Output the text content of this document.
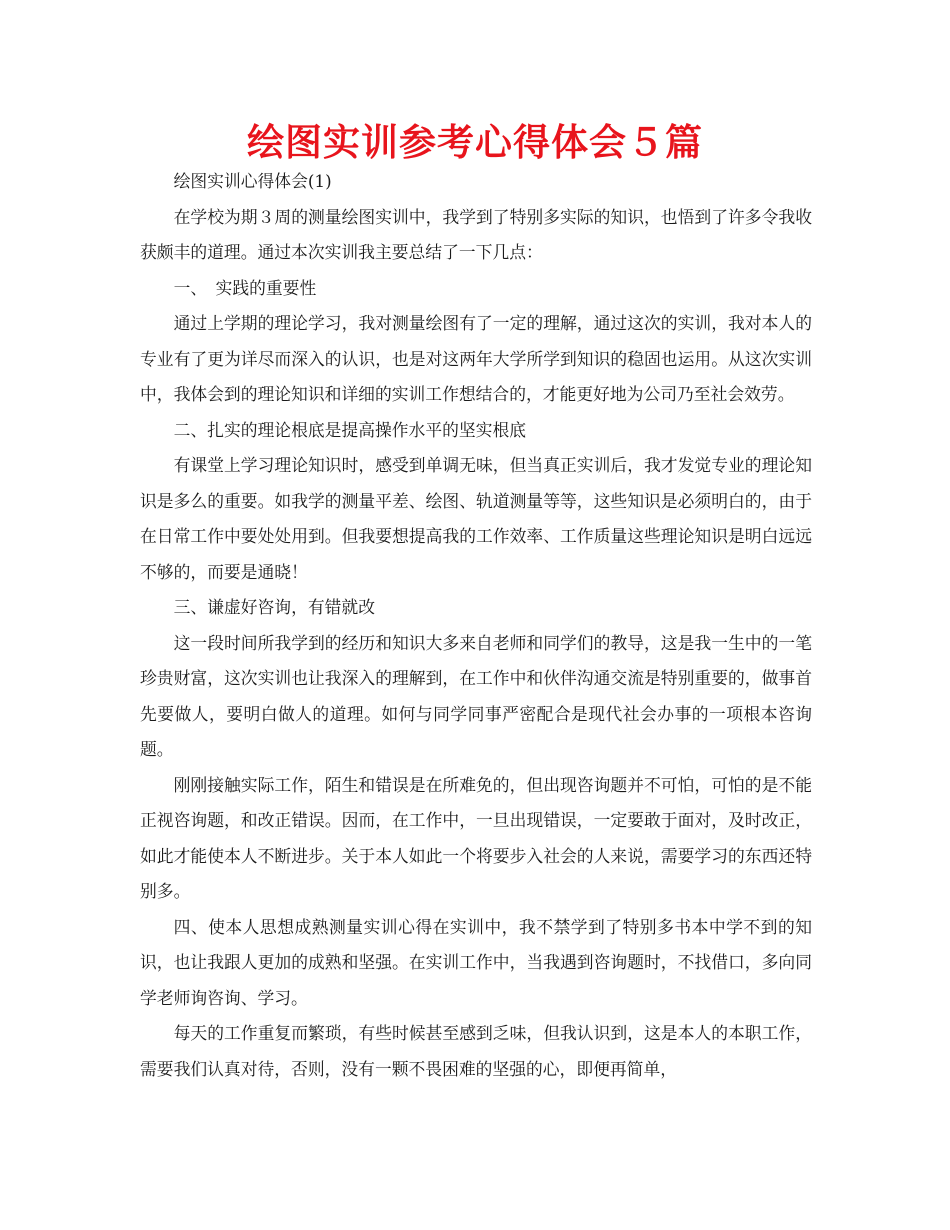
绘图实训参考心得体会５篇

绘图实训心得体会(1)

在学校为期３周的测量绘图实训中，我学到了特别多实际的知识，也悟到了许多令我收获颇丰的道理。通过本次实训我主要总结了一下几点：

一、　实践的重要性

通过上学期的理论学习，我对测量绘图有了一定的理解，通过这次的实训，我对本人的专业有了更为详尽而深入的认识，也是对这两年大学所学到知识的稳固也运用。从这次实训中，我体会到的理论知识和详细的实训工作想结合的，才能更好地为公司乃至社会效劳。

二、扎实的理论根底是提高操作水平的坚实根底

有课堂上学习理论知识时，感受到单调无味，但当真正实训后，我才发觉专业的理论知识是多么的重要。如我学的测量平差、绘图、轨道测量等等，这些知识是必须明白的，由于在日常工作中要处处用到。但我要想提高我的工作效率、工作质量这些理论知识是明白远远不够的，而要是通晓！

三、谦虚好咨询，有错就改

这一段时间所我学到的经历和知识大多来自老师和同学们的教导，这是我一生中的一笔珍贵财富，这次实训也让我深入的理解到，在工作中和伙伴沟通交流是特别重要的，做事首先要做人，要明白做人的道理。如何与同学同事严密配合是现代社会办事的一项根本咨询题。

刚刚接触实际工作，陌生和错误是在所难免的，但出现咨询题并不可怕，可怕的是不能正视咨询题，和改正错误。因而，在工作中，一旦出现错误，一定要敢于面对，及时改正，如此才能使本人不断进步。关于本人如此一个将要步入社会的人来说，需要学习的东西还特别多。

四、使本人思想成熟测量实训心得在实训中，我不禁学到了特别多书本中学不到的知识，也让我跟人更加的成熟和坚强。在实训工作中，当我遇到咨询题时，不找借口，多向同学老师询咨询、学习。

每天的工作重复而繁琐，有些时候甚至感到乏味，但我认识到，这是本人的本职工作，需要我们认真对待，否则，没有一颗不畏困难的坚强的心，即便再简单，
